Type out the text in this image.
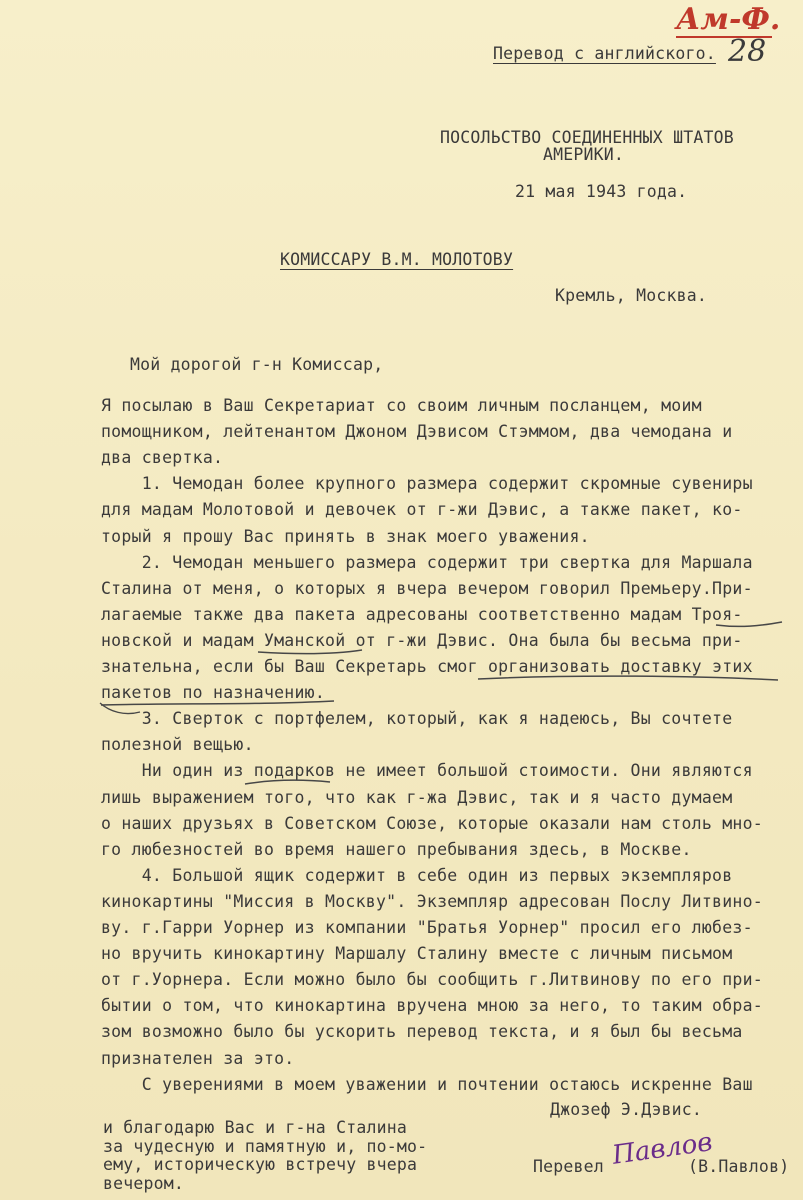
Ам-Ф.
Перевод с английского. 28
ПОСОЛЬСТВО СОЕДИНЕННЫХ ШТАТОВ
АМЕРИКИ.
21 мая 1943 года.
КОМИССАРУ В.М. МОЛОТОВУ
Кремль, Москва.
Мой дорогой г-н Комиссар,
Я посылаю в Ваш Секретариат со своим личным посланцем, моим
помощником, лейтенантом Джоном Дэвисом Стэммом, два чемодана и
два свертка.
1. Чемодан более крупного размера содержит скромные сувениры
для мадам Молотовой и девочек от г-жи Дэвис, а также пакет, ко-
торый я прошу Вас принять в знак моего уважения.
2. Чемодан меньшего размера содержит три свертка для Маршала
Сталина от меня, о которых я вчера вечером говорил Премьеру.При-
лагаемые также два пакета адресованы соответственно мадам Троя-
новской и мадам Уманской от г-жи Дэвис. Она была бы весьма при-
знательна, если бы Ваш Секретарь смог организовать доставку этих
пакетов по назначению.
3. Сверток с портфелем, который, как я надеюсь, Вы сочтете
полезной вещью.
Ни один из подарков не имеет большой стоимости. Они являются
лишь выражением того, что как г-жа Дэвис, так и я часто думаем
о наших друзьях в Советском Союзе, которые оказали нам столь мно-
го любезностей во время нашего пребывания здесь, в Москве.
4. Большой ящик содержит в себе один из первых экземпляров
кинокартины "Миссия в Москву". Экземпляр адресован Послу Литвино-
ву. г.Гарри Уорнер из компании "Братья Уорнер" просил его любез-
но вручить кинокартину Маршалу Сталину вместе с личным письмом
от г.Уорнера. Если можно было бы сообщить г.Литвинову по его при-
бытии о том, что кинокартина вручена мною за него, то таким обра-
зом возможно было бы ускорить перевод текста, и я был бы весьма
признателен за это.
С уверениями в моем уважении и почтении остаюсь искренне Ваш
Джозеф Э.Дэвис.
и благодарю Вас и г-на Сталина
за чудесную и памятную и, по-мо-
ему, историческую встречу вчера
вечером.
Перевел Павлов
(В.Павлов)
